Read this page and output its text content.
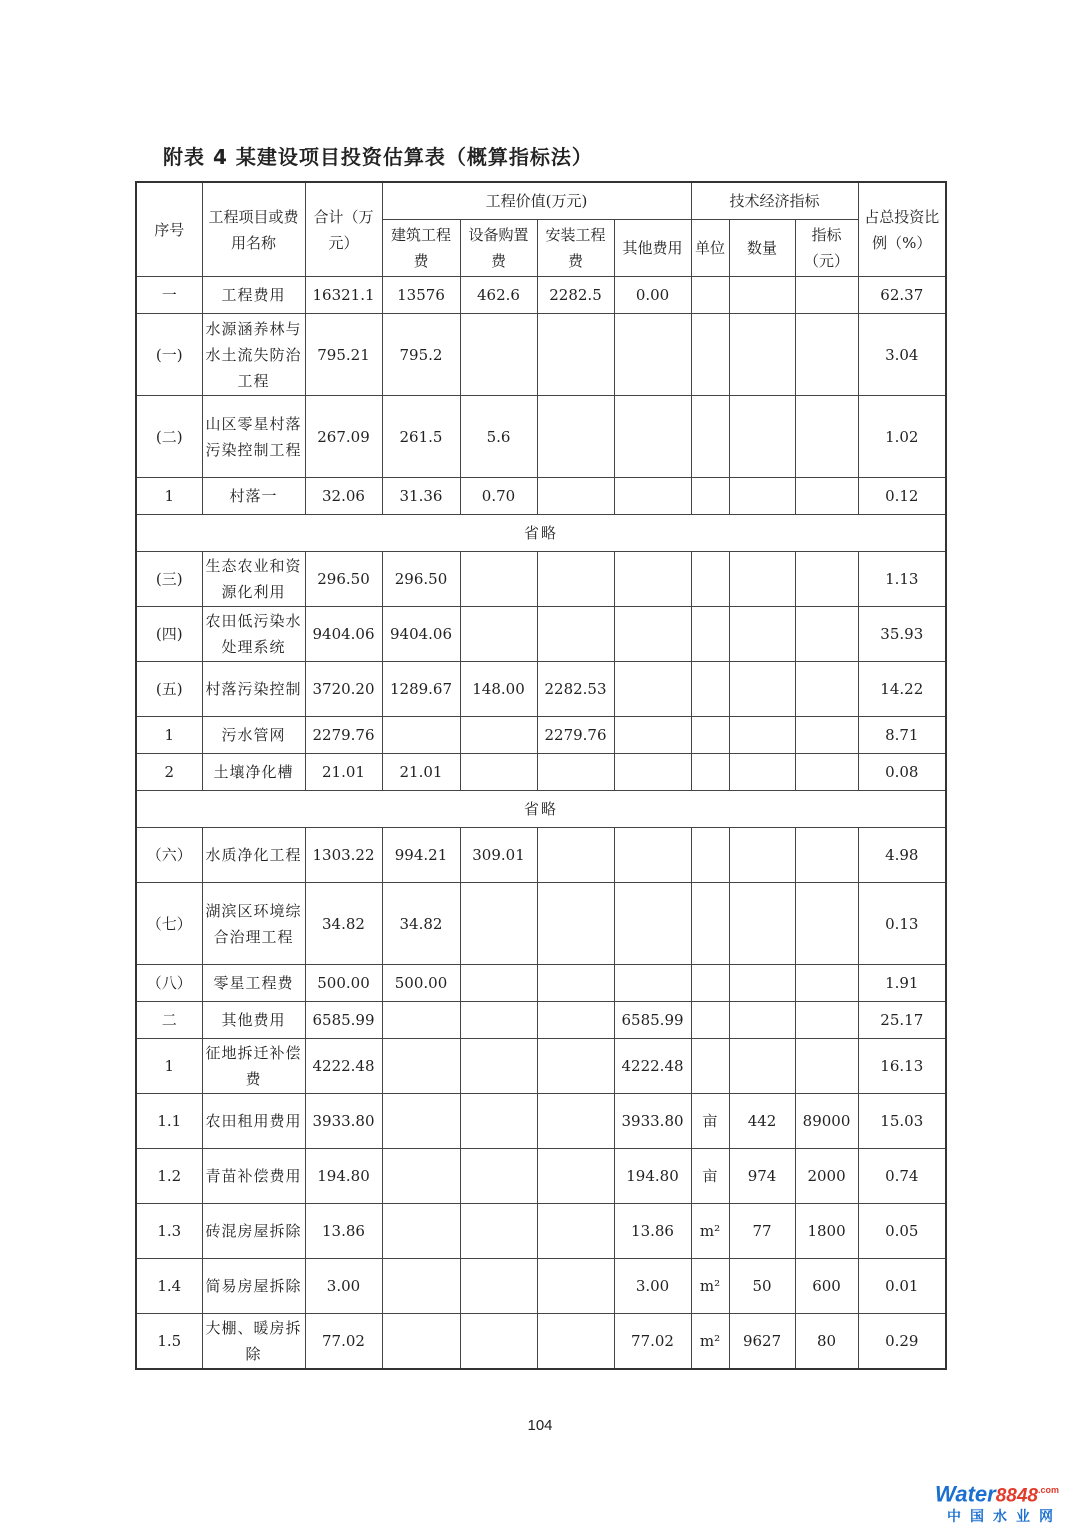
附表 4 某建设项目投资估算表（概算指标法）
序号	工程项目或费用名称	合计（万元）	工程价值(万元)				技术经济指标			占总投资比例（%）
			建筑工程费	设备购置费	安装工程费	其他费用	单位	数量	指标（元）	
一	工程费用	16321.1	13576	462.6	2282.5	0.00				62.37
(一)	水源涵养林与水土流失防治工程	795.21	795.2							3.04
(二)	山区零星村落污染控制工程	267.09	261.5	5.6						1.02
1	村落一	32.06	31.36	0.70						0.12
省略										
(三)	生态农业和资源化利用	296.50	296.50							1.13
(四)	农田低污染水处理系统	9404.06	9404.06							35.93
(五)	村落污染控制	3720.20	1289.67	148.00	2282.53					14.22
1	污水管网	2279.76			2279.76					8.71
2	土壤净化槽	21.01	21.01							0.08
省略										
（六）	水质净化工程	1303.22	994.21	309.01						4.98
（七）	湖滨区环境综合治理工程	34.82	34.82							0.13
（八）	零星工程费	500.00	500.00							1.91
二	其他费用	6585.99				6585.99				25.17
1	征地拆迁补偿费	4222.48				4222.48				16.13
1.1	农田租用费用	3933.80				3933.80	亩	442	89000	15.03
1.2	青苗补偿费用	194.80				194.80	亩	974	2000	0.74
1.3	砖混房屋拆除	13.86				13.86	m²	77	1800	0.05
1.4	简易房屋拆除	3.00				3.00	m²	50	600	0.01
1.5	大棚、暖房拆除	77.02				77.02	m²	9627	80	0.29
104
$Water8848^{.com}$
中国水业网
